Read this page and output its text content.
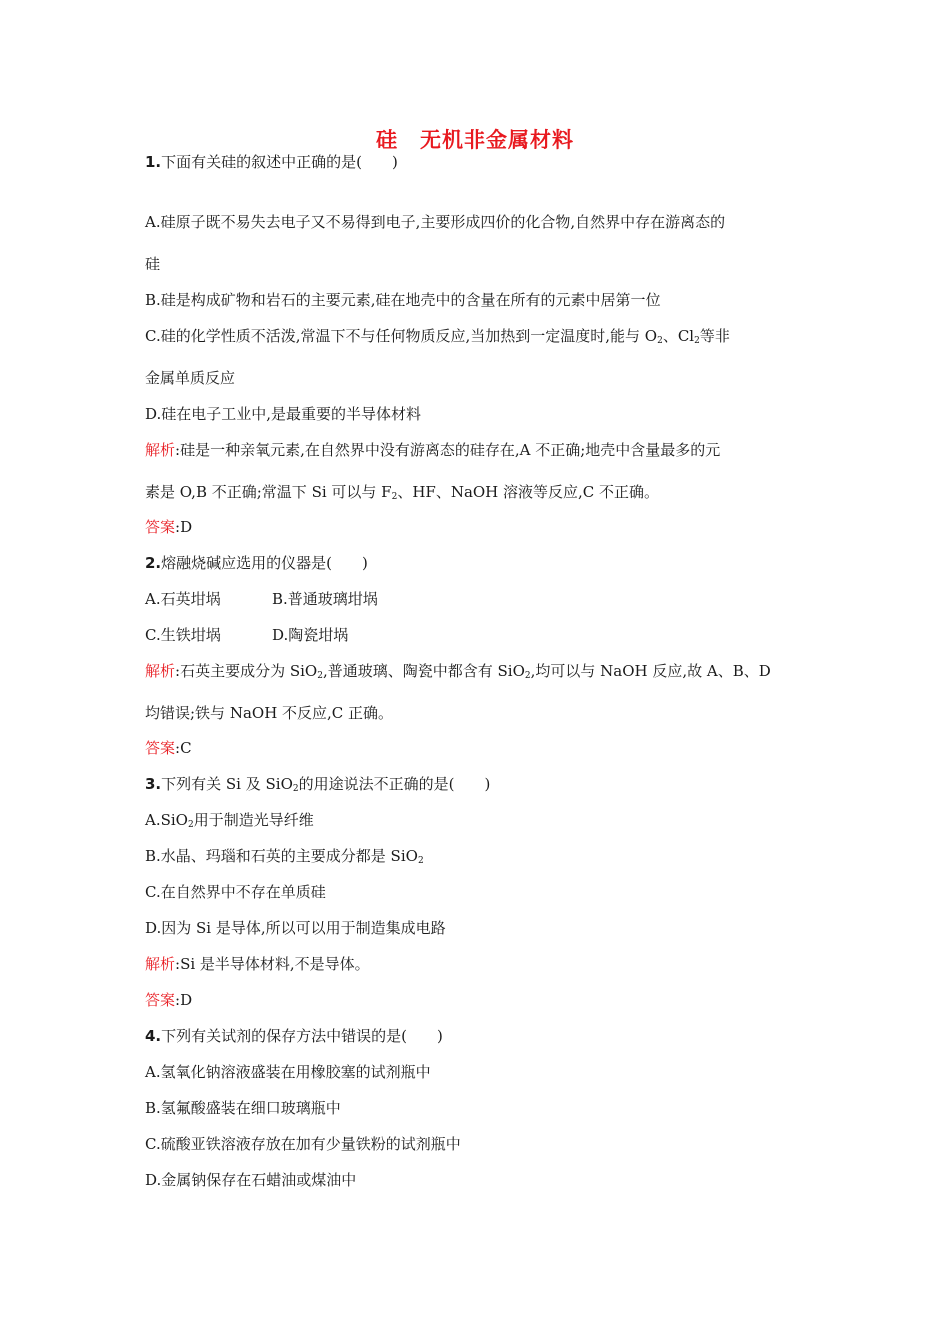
硅　无机非金属材料
1.下面有关硅的叙述中正确的是(　　)
A.硅原子既不易失去电子又不易得到电子,主要形成四价的化合物,自然界中存在游离态的
硅
B.硅是构成矿物和岩石的主要元素,硅在地壳中的含量在所有的元素中居第一位
C.硅的化学性质不活泼,常温下不与任何物质反应,当加热到一定温度时,能与 $O_2$、$Cl_2$等非
金属单质反应
D.硅在电子工业中,是最重要的半导体材料
解析:硅是一种亲氧元素,在自然界中没有游离态的硅存在,A 不正确;地壳中含量最多的元
素是 O,B 不正确;常温下 Si 可以与 $F_2$、HF、NaOH 溶液等反应,C 不正确。
答案:D
2.熔融烧碱应选用的仪器是(　　)
A.石英坩埚	B.普通玻璃坩埚
C.生铁坩埚	D.陶瓷坩埚
解析:石英主要成分为 SiO$_2$,普通玻璃、陶瓷中都含有 SiO$_2$,均可以与 NaOH 反应,故 A、B、D
均错误;铁与 NaOH 不反应,C 正确。
答案:C
3.下列有关 Si 及 SiO$_2$的用途说法不正确的是(　　)
A.SiO$_2$用于制造光导纤维
B.水晶、玛瑙和石英的主要成分都是 SiO$_2$
C.在自然界中不存在单质硅
D.因为 Si 是导体,所以可以用于制造集成电路
解析:Si 是半导体材料,不是导体。
答案:D
4.下列有关试剂的保存方法中错误的是(　　)
A.氢氧化钠溶液盛装在用橡胶塞的试剂瓶中
B.氢氟酸盛装在细口玻璃瓶中
C.硫酸亚铁溶液存放在加有少量铁粉的试剂瓶中
D.金属钠保存在石蜡油或煤油中
